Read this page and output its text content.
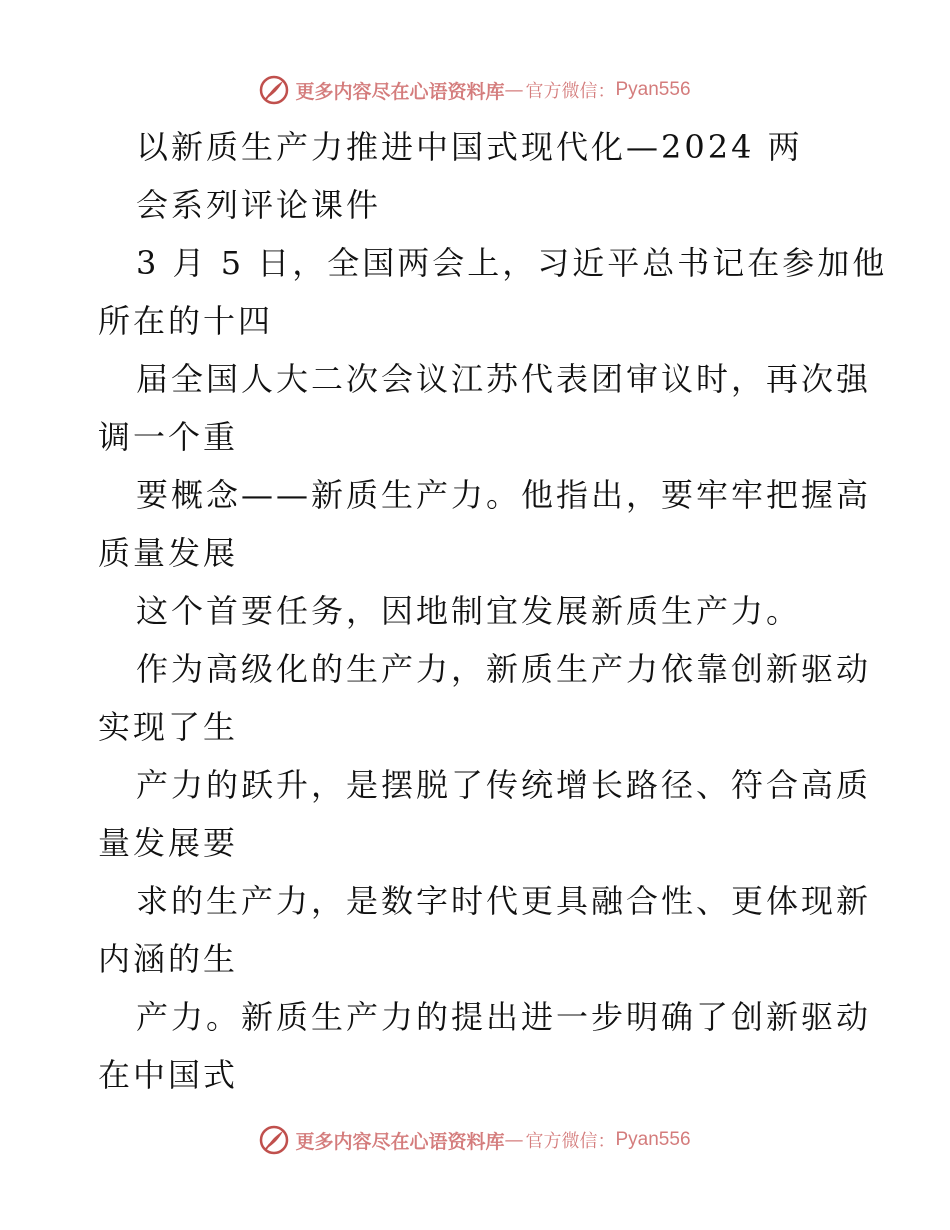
更多内容尽在心语资料库 — 官方微信： Pyan556
以新质生产力推进中国式现代化—2024 两
会系列评论课件
3 月 5 日，全国两会上，习近平总书记在参加他
所在的十四
届全国人大二次会议江苏代表团审议时，再次强
调一个重
要概念——新质生产力。他指出，要牢牢把握高
质量发展
这个首要任务，因地制宜发展新质生产力。
作为高级化的生产力，新质生产力依靠创新驱动
实现了生
产力的跃升，是摆脱了传统增长路径、符合高质
量发展要
求的生产力，是数字时代更具融合性、更体现新
内涵的生
产力。新质生产力的提出进一步明确了创新驱动
在中国式
更多内容尽在心语资料库 — 官方微信： Pyan556
